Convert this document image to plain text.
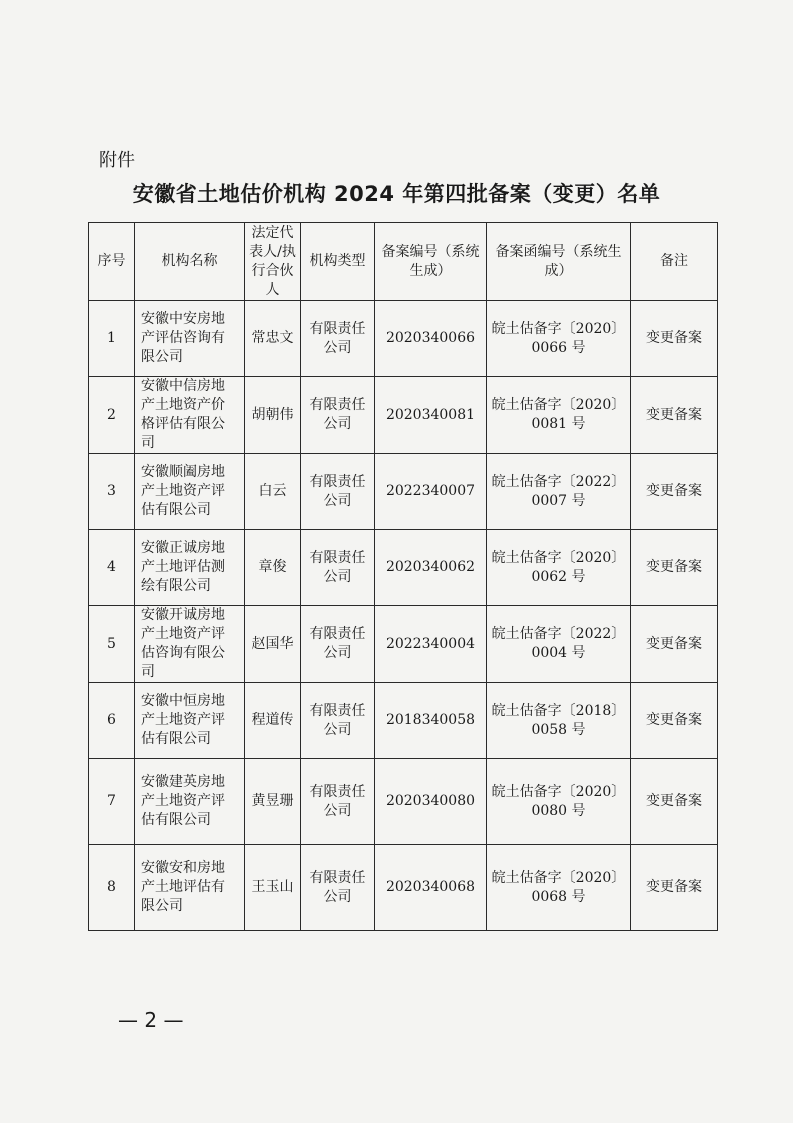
附件
安徽省土地估价机构 2024 年第四批备案（变更）名单
序号	机构名称	法定代表人/执行合伙人	机构类型	备案编号（系统生成）	备案函编号（系统生成）	备注
1	安徽中安房地产评估咨询有限公司	常忠文	有限责任公司	2020340066	皖土估备字〔2020〕0066 号	变更备案
2	安徽中信房地产土地资产价格评估有限公司	胡朝伟	有限责任公司	2020340081	皖土估备字〔2020〕0081 号	变更备案
3	安徽顺阖房地产土地资产评估有限公司	白云	有限责任公司	2022340007	皖土估备字〔2022〕0007 号	变更备案
4	安徽正诚房地产土地评估测绘有限公司	章俊	有限责任公司	2020340062	皖土估备字〔2020〕0062 号	变更备案
5	安徽开诚房地产土地资产评估咨询有限公司	赵国华	有限责任公司	2022340004	皖土估备字〔2022〕0004 号	变更备案
6	安徽中恒房地产土地资产评估有限公司	程道传	有限责任公司	2018340058	皖土估备字〔2018〕0058 号	变更备案
7	安徽建英房地产土地资产评估有限公司	黄昱珊	有限责任公司	2020340080	皖土估备字〔2020〕0080 号	变更备案
8	安徽安和房地产土地评估有限公司	王玉山	有限责任公司	2020340068	皖土估备字〔2020〕0068 号	变更备案
— 2 —
